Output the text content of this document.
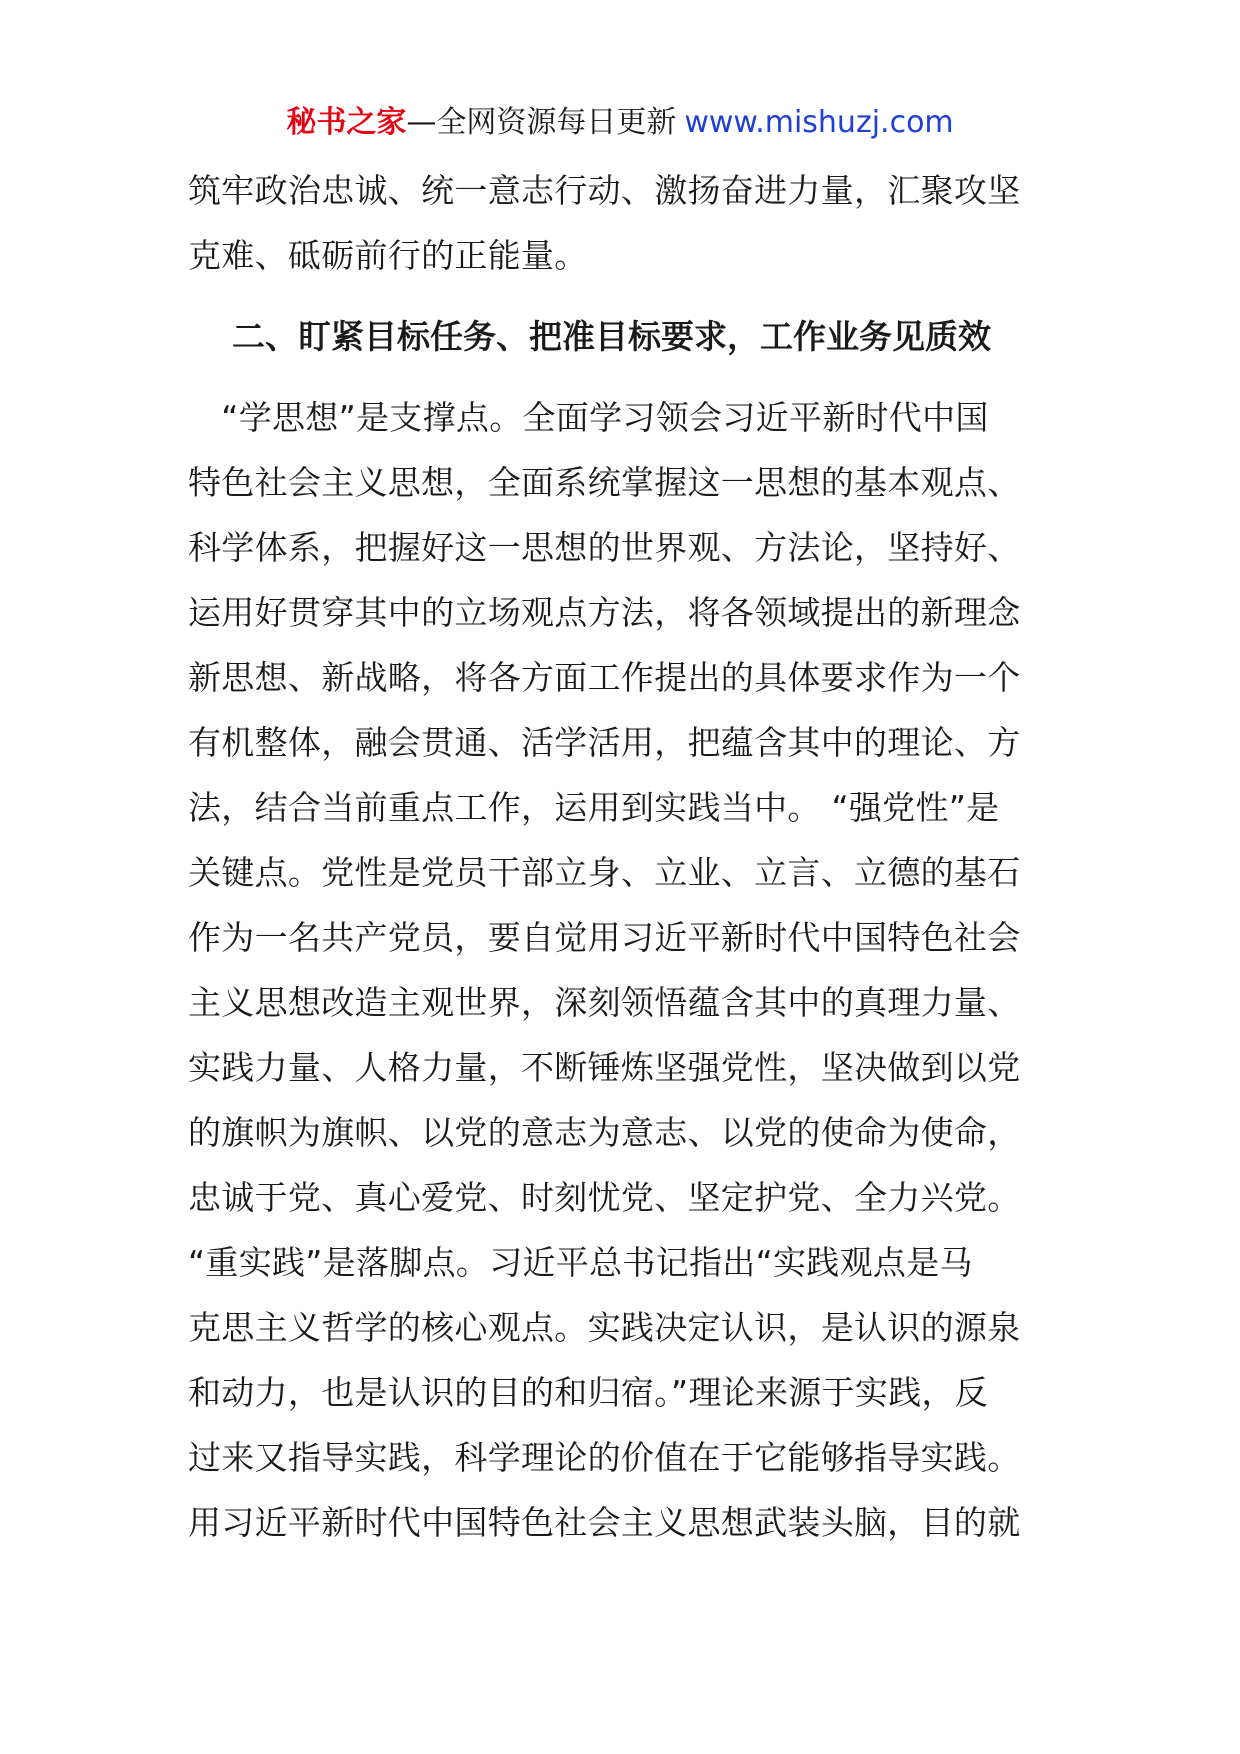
秘书之家—全网资源每日更新 www.mishuzj.com
筑牢政治忠诚、统一意志行动、激扬奋进力量，汇聚攻坚
克难、砥砺前行的正能量。
二、盯紧目标任务、把准目标要求，工作业务见质效
　“学思想”是支撑点。全面学习领会习近平新时代中国
特色社会主义思想，全面系统掌握这一思想的基本观点、
科学体系，把握好这一思想的世界观、方法论，坚持好、
运用好贯穿其中的立场观点方法，将各领域提出的新理念
新思想、新战略，将各方面工作提出的具体要求作为一个
有机整体，融会贯通、活学活用，把蕴含其中的理论、方
法，结合当前重点工作，运用到实践当中。 “强党性”是
关键点。党性是党员干部立身、立业、立言、立德的基石
作为一名共产党员，要自觉用习近平新时代中国特色社会
主义思想改造主观世界，深刻领悟蕴含其中的真理力量、
实践力量、人格力量，不断锤炼坚强党性，坚决做到以党
的旗帜为旗帜、以党的意志为意志、以党的使命为使命，
忠诚于党、真心爱党、时刻忧党、坚定护党、全力兴党。
“重实践”是落脚点。习近平总书记指出“实践观点是马
克思主义哲学的核心观点。实践决定认识，是认识的源泉
和动力，也是认识的目的和归宿。”理论来源于实践，反
过来又指导实践，科学理论的价值在于它能够指导实践。
用习近平新时代中国特色社会主义思想武装头脑，目的就
